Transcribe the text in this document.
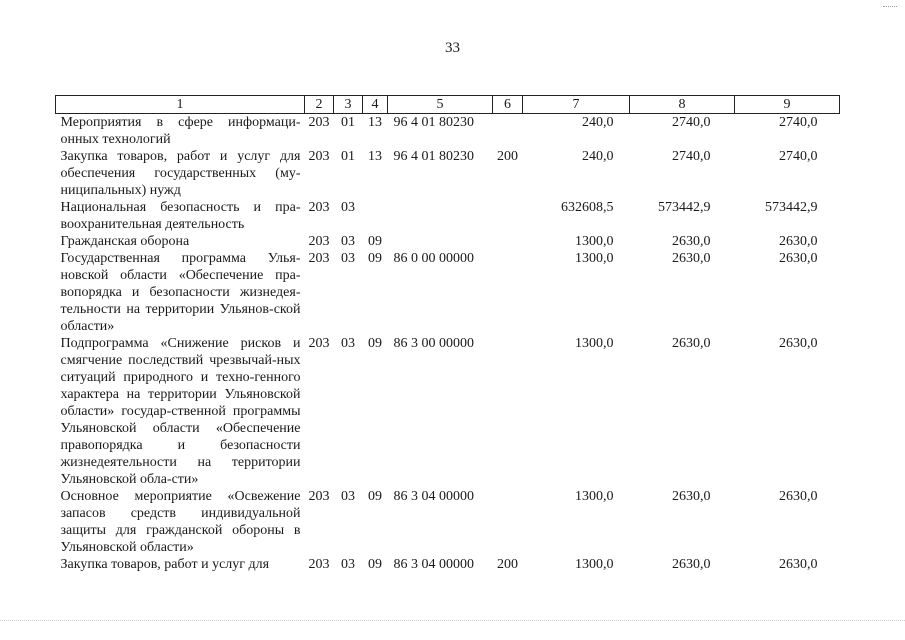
33
1	2	3	4	5	6	7	8	9
Мероприятия в сфере информаци-онных технологий	203	01	13	96 4 01 80230		240,0	2740,0	2740,0
Закупка товаров, работ и услуг для обеспечения государственных (му-ниципальных) нужд	203	01	13	96 4 01 80230	200	240,0	2740,0	2740,0
Национальная безопасность и пра-воохранительная деятельность	203	03				632608,5	573442,9	573442,9
Гражданская оборона	203	03	09			1300,0	2630,0	2630,0
Государственная программа Улья-новской области «Обеспечение пра-вопорядка и безопасности жизнедея-тельности на территории Ульянов-ской области»	203	03	09	86 0 00 00000		1300,0	2630,0	2630,0
Подпрограмма «Снижение рисков и смягчение последствий чрезвычай-ных ситуаций природного и техно-генного характера на территории Ульяновской области» государ-ственной программы Ульяновской области «Обеспечение правопорядка и безопасности жизнедеятельности на территории Ульяновской обла-сти»	203	03	09	86 3 00 00000		1300,0	2630,0	2630,0
Основное мероприятие «Освежение запасов средств индивидуальной защиты для гражданской обороны в Ульяновской области»	203	03	09	86 3 04 00000		1300,0	2630,0	2630,0
Закупка товаров, работ и услуг для	203	03	09	86 3 04 00000	200	1300,0	2630,0	2630,0
